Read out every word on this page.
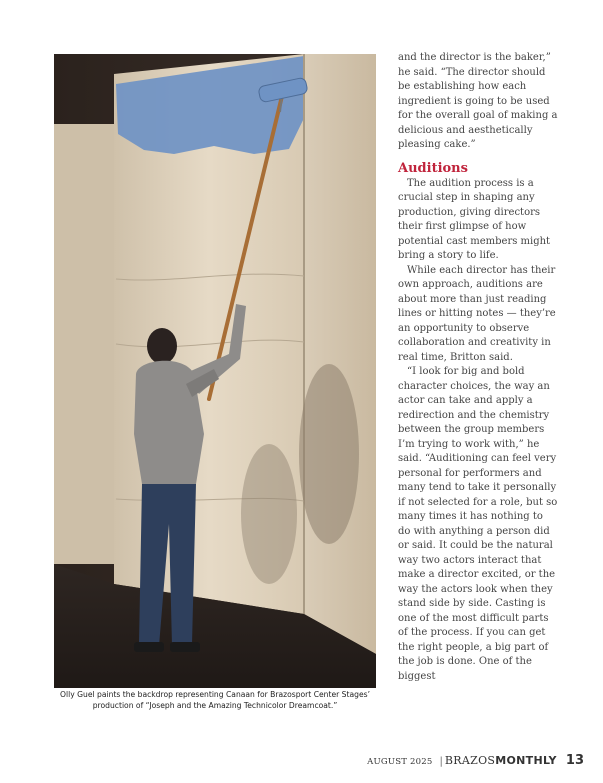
Olly Guel paints the backdrop representing Canaan for Brazosport Center Stages’ production of “Joseph and the Amazing Technicolor Dreamcoat.”

and the director is the baker,” he said. “The director should be establishing how each ingredient is going to be used for the overall goal of making a delicious and aesthetically pleasing cake.”

Auditions

The audition process is a crucial step in shaping any production, giving directors their first glimpse of how potential cast members might bring a story to life.

While each director has their own approach, auditions are about more than just reading lines or hitting notes — they’re an opportunity to observe collaboration and creativity in real time, Britton said.

“I look for big and bold character choices, the way an actor can take and apply a redirection and the chemistry between the group members I’m trying to work with,” he said. “Auditioning can feel very personal for performers and many tend to take it personally if not selected for a role, but so many times it has nothing to do with anything a person did or said. It could be the natural way two actors interact that make a director excited, or the way the actors look when they stand side by side. Casting is one of the most difficult parts of the process. If you can get the right people, a big part of the job is done. One of the biggest

AUGUST 2025 | BRAZOSMONTHLY 13
